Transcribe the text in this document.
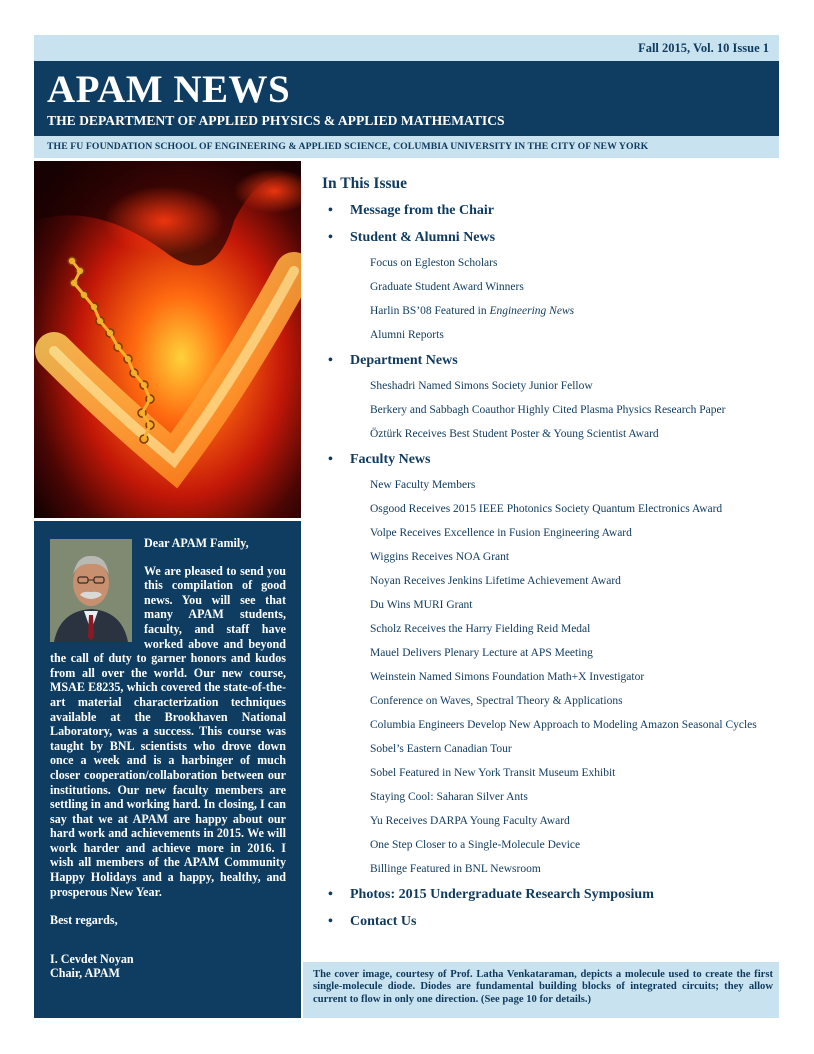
Fall 2015, Vol. 10 Issue 1
APAM NEWS
THE DEPARTMENT OF APPLIED PHYSICS & APPLIED MATHEMATICS
THE FU FOUNDATION SCHOOL OF ENGINEERING & APPLIED SCIENCE, COLUMBIA UNIVERSITY IN THE CITY OF NEW YORK

Dear APAM Family,

We are pleased to send you this compilation of good news. You will see that many APAM students, faculty, and staff have worked above and beyond the call of duty to garner honors and kudos from all over the world. Our new course, MSAE E8235, which covered the state-of-the-art material characterization techniques available at the Brookhaven National Laboratory, was a success. This course was taught by BNL scientists who drove down once a week and is a harbinger of much closer cooperation/collaboration between our institutions. Our new faculty members are settling in and working hard. In closing, I can say that we at APAM are happy about our hard work and achievements in 2015. We will work harder and achieve more in 2016. I wish all members of the APAM Community Happy Holidays and a happy, healthy, and prosperous New Year.

Best regards,

I. Cevdet Noyan

Chair, APAM

In This Issue
• Message from the Chair
• Student & Alumni News
Focus on Egleston Scholars
Graduate Student Award Winners
Harlin BS’08 Featured in Engineering News
Alumni Reports
• Department News
Sheshadri Named Simons Society Junior Fellow
Berkery and Sabbagh Coauthor Highly Cited Plasma Physics Research Paper
Öztürk Receives Best Student Poster & Young Scientist Award
• Faculty News
New Faculty Members
Osgood Receives 2015 IEEE Photonics Society Quantum Electronics Award
Volpe Receives Excellence in Fusion Engineering Award
Wiggins Receives NOA Grant
Noyan Receives Jenkins Lifetime Achievement Award
Du Wins MURI Grant
Scholz Receives the Harry Fielding Reid Medal
Mauel Delivers Plenary Lecture at APS Meeting
Weinstein Named Simons Foundation Math+X Investigator
Conference on Waves, Spectral Theory & Applications
Columbia Engineers Develop New Approach to Modeling Amazon Seasonal Cycles
Sobel’s Eastern Canadian Tour
Sobel Featured in New York Transit Museum Exhibit
Staying Cool: Saharan Silver Ants
Yu Receives DARPA Young Faculty Award
One Step Closer to a Single-Molecule Device
Billinge Featured in BNL Newsroom
• Photos: 2015 Undergraduate Research Symposium
• Contact Us
The cover image, courtesy of Prof. Latha Venkataraman, depicts a molecule used to create the first single-molecule diode. Diodes are fundamental building blocks of integrated circuits; they allow current to flow in only one direction. (See page 10 for details.)
